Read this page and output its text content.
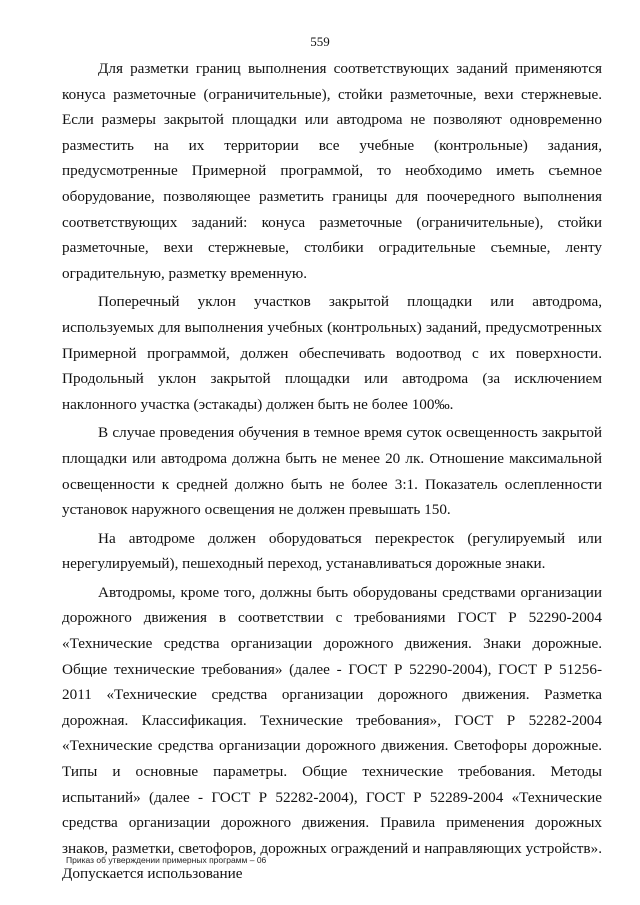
559

Для разметки границ выполнения соответствующих заданий применяются конуса разметочные (ограничительные), стойки разметочные, вехи стержневые. Если размеры закрытой площадки или автодрома не позволяют одновременно разместить на их территории все учебные (контрольные) задания, предусмотренные Примерной программой, то необходимо иметь съемное оборудование, позволяющее разметить границы для поочередного выполнения соответствующих заданий: конуса разметочные (ограничительные), стойки разметочные, вехи стержневые, столбики оградительные съемные, ленту оградительную, разметку временную.

Поперечный уклон участков закрытой площадки или автодрома, используемых для выполнения учебных (контрольных) заданий, предусмотренных Примерной программой, должен обеспечивать водоотвод с их поверхности. Продольный уклон закрытой площадки или автодрома (за исключением наклонного участка (эстакады) должен быть не более 100‰.

В случае проведения обучения в темное время суток освещенность закрытой площадки или автодрома должна быть не менее 20 лк. Отношение максимальной освещенности к средней должно быть не более 3:1. Показатель ослепленности установок наружного освещения не должен превышать 150.

На автодроме должен оборудоваться перекресток (регулируемый или нерегулируемый), пешеходный переход, устанавливаться дорожные знаки.

Автодромы, кроме того, должны быть оборудованы средствами организации дорожного движения в соответствии с требованиями ГОСТ Р 52290-2004 «Технические средства организации дорожного движения. Знаки дорожные. Общие технические требования» (далее - ГОСТ Р 52290-2004), ГОСТ Р 51256-2011 «Технические средства организации дорожного движения. Разметка дорожная. Классификация. Технические требования», ГОСТ Р 52282-2004 «Технические средства организации дорожного движения. Светофоры дорожные. Типы и основные параметры. Общие технические требования. Методы испытаний» (далее - ГОСТ Р 52282-2004), ГОСТ Р 52289-2004 «Технические средства организации дорожного движения. Правила применения дорожных знаков, разметки, светофоров, дорожных ограждений и направляющих устройств». Допускается использование

Приказ об утверждении примерных программ – 06
